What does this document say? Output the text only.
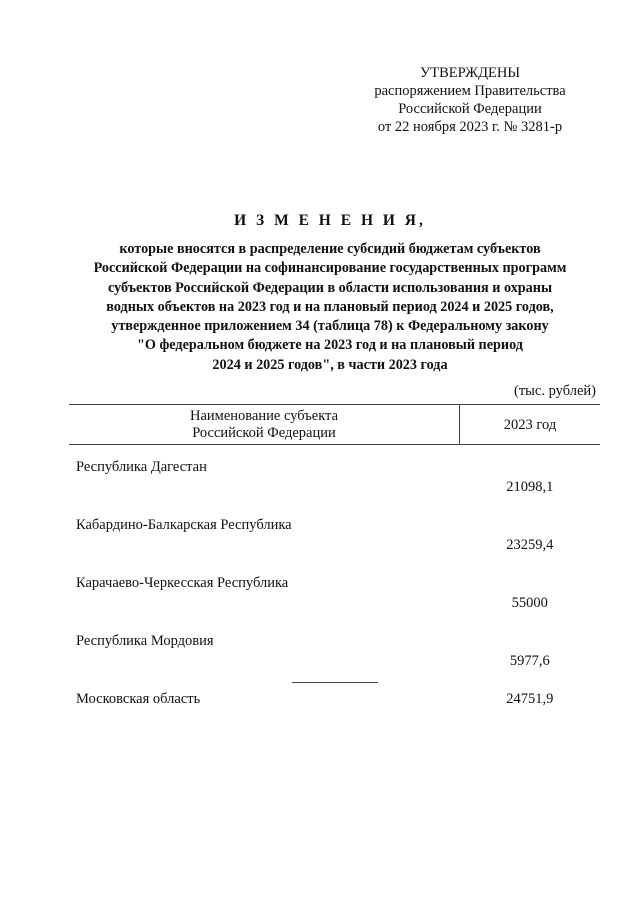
УТВЕРЖДЕНЫ
распоряжением Правительства
Российской Федерации
от 22 ноября 2023 г. № 3281-р
И З М Е Н Е Н И Я,
которые вносятся в распределение субсидий бюджетам субъектов
Российской Федерации на софинансирование государственных программ
субъектов Российской Федерации в области использования и охраны
водных объектов на 2023 год и на плановый период 2024 и 2025 годов,
утвержденное приложением 34 (таблица 78) к Федеральному закону
"О федеральном бюджете на 2023 год и на плановый период
2024 и 2025 годов", в части 2023 года
(тыс. рублей)
Наименование субъекта
Российской Федерации	2023 год
Республика Дагестан	21098,1
Кабардино-Балкарская Республика	23259,4
Карачаево-Черкесская Республика	55000
Республика Мордовия	5977,6
Московская область	24751,9
